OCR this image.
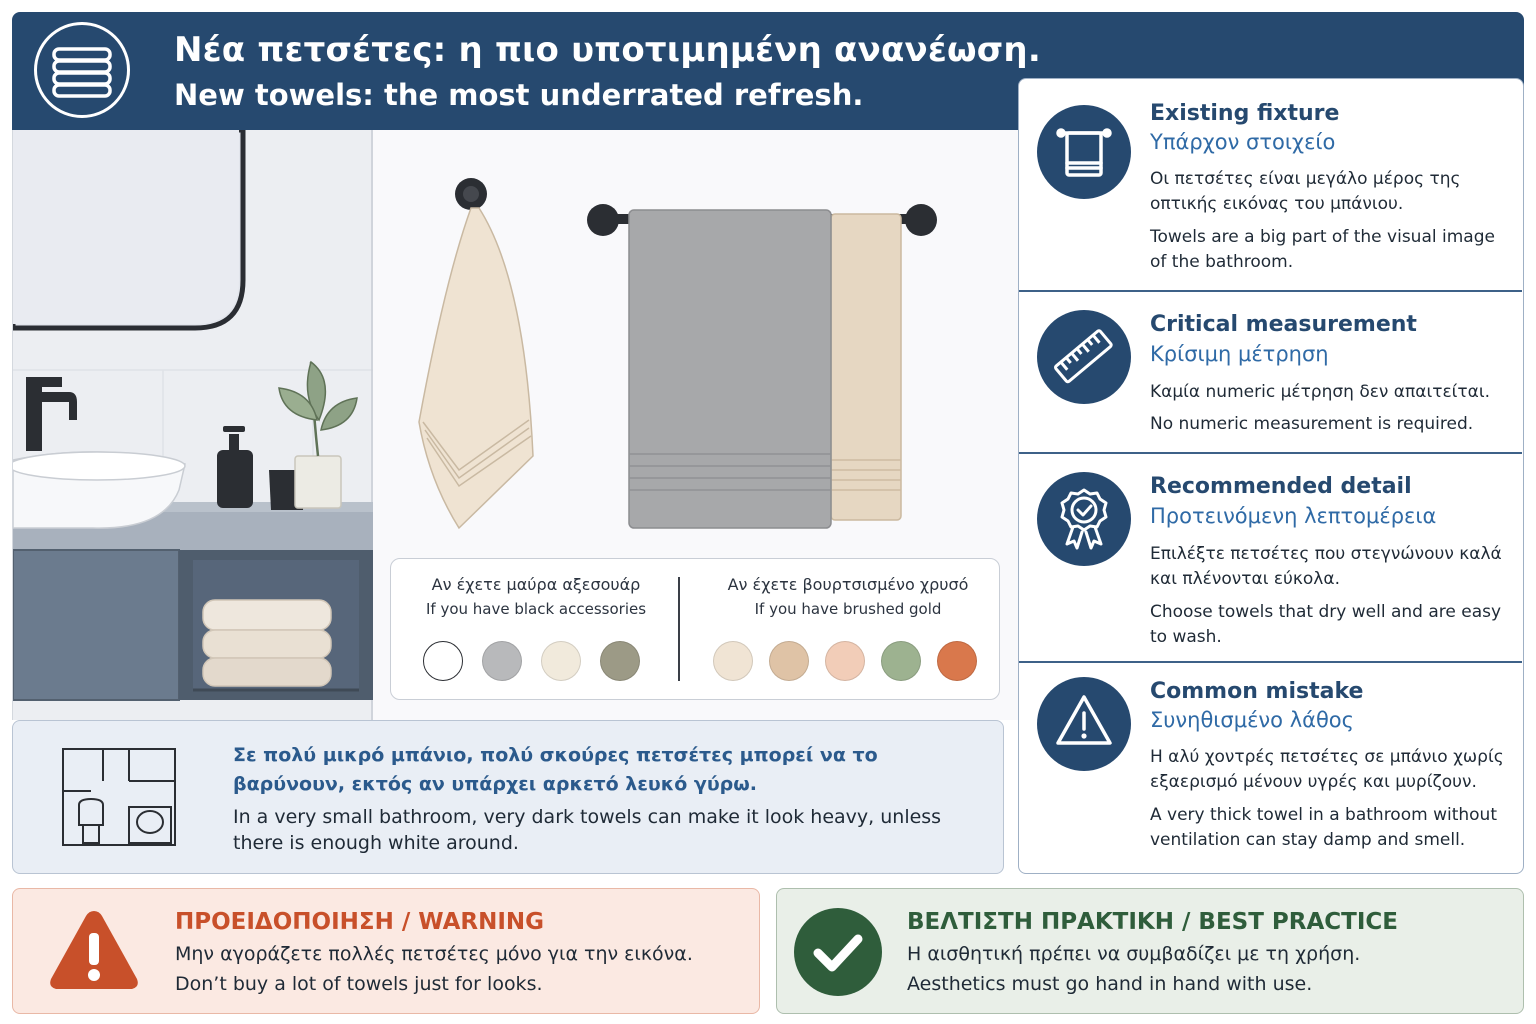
Νέα πετσέτες: η πιο υποτιμημένη ανανέωση.
New towels: the most underrated refresh.
Αν έχετε μαύρα αξεσουάρ
If you have black accessories
Αν έχετε βουρτσισμένο χρυσό
If you have brushed gold
Σε πολύ μικρό μπάνιο, πολύ σκούρες πετσέτες μπορεί να το βαρύνουν, εκτός αν υπάρχει αρκετό λευκό γύρω.
In a very small bathroom, very dark towels can make it look heavy, unless there is enough white around.
Existing fixture
Υπάρχον στοιχείο
Οι πετσέτες είναι μεγάλο μέρος της οπτικής εικόνας του μπάνιου.
Towels are a big part of the visual image of the bathroom.
Critical measurement
Κρίσιμη μέτρηση
Καμία numeric μέτρηση δεν απαιτείται.
No numeric measurement is required.
Recommended detail
Προτεινόμενη λεπτομέρεια
Επιλέξτε πετσέτες που στεγνώνουν καλά και πλένονται εύκολα.
Choose towels that dry well and are easy to wash.
Common mistake
Συνηθισμένο λάθος
Η αλύ χοντρές πετσέτες σε μπάνιο χωρίς εξαερισμό μένουν υγρές και μυρίζουν.
A very thick towel in a bathroom without ventilation can stay damp and smell.
ΠΡΟΕΙΔΟΠΟΙΗΣΗ / WARNING
Μην αγοράζετε πολλές πετσέτες μόνο για την εικόνα.
Don’t buy a lot of towels just for looks.
ΒΕΛΤΙΣΤΗ ΠΡΑΚΤΙΚΗ / BEST PRACTICE
Η αισθητική πρέπει να συμβαδίζει με τη χρήση.
Aesthetics must go hand in hand with use.
